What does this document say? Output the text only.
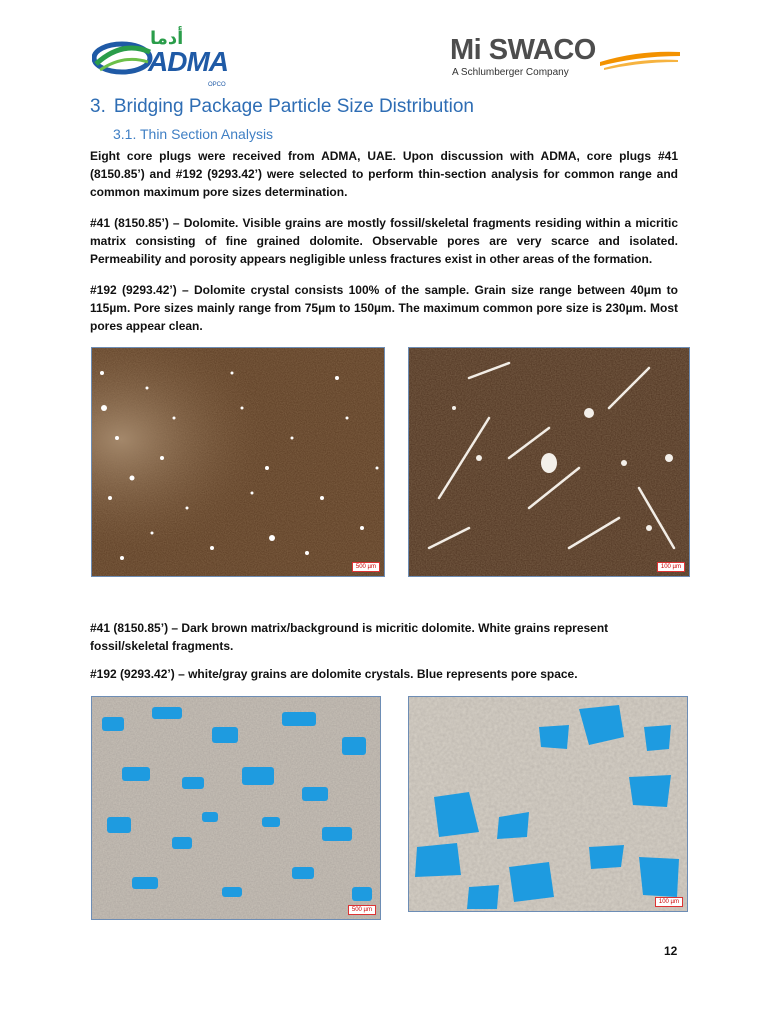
أدما
ADMA
OPCO
Mi SWACO
A Schlumberger Company
3. Bridging Package Particle Size Distribution
3.1. Thin Section Analysis
Eight core plugs were received from ADMA, UAE. Upon discussion with ADMA, core plugs #41 (8150.85’) and #192 (9293.42’) were selected to perform thin-section analysis for common range and common maximum pore sizes determination.
#41 (8150.85’) – Dolomite. Visible grains are mostly fossil/skeletal fragments residing within a micritic matrix consisting of fine grained dolomite. Observable pores are very scarce and isolated. Permeability and porosity appears negligible unless fractures exist in other areas of the formation.
#192 (9293.42’) – Dolomite crystal consists 100% of the sample. Grain size range between 40µm to 115µm. Pore sizes mainly range from 75µm to 150µm. The maximum common pore size is 230µm. Most pores appear clean.
500 µm	100 µm
#41 (8150.85’) – Dark brown matrix/background is micritic dolomite. White grains represent fossil/skeletal fragments.
#192 (9293.42’) – white/gray grains are dolomite crystals. Blue represents pore space.
500 µm
100 µm
12
